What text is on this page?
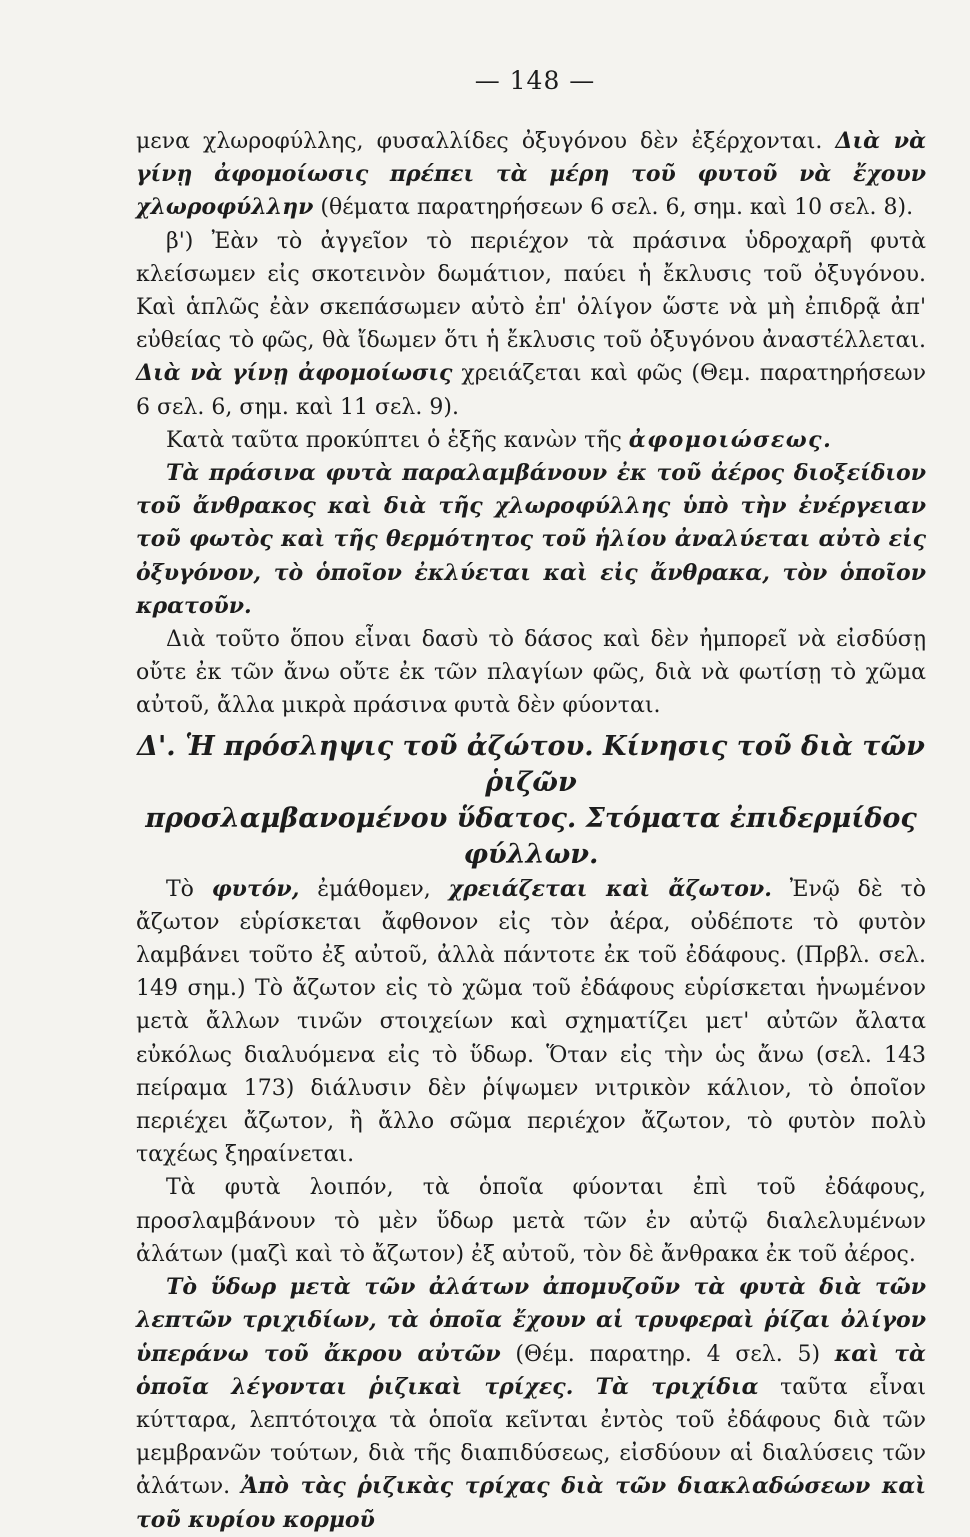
— 148 —

μενα χλωροφύλλης, φυσαλλίδες ὀξυγόνου δὲν ἐξέρχονται. Διὰ νὰ γίνῃ ἀφομοίωσις πρέπει τὰ μέρη τοῦ φυτοῦ νὰ ἔχουν χλωροφύλλην (θέματα παρατηρήσεων 6 σελ. 6, σημ. καὶ 10 σελ. 8).

β') Ἐὰν τὸ ἀγγεῖον τὸ περιέχον τὰ πράσινα ὑδροχαρῆ φυτὰ κλείσωμεν εἰς σκοτεινὸν δωμάτιον, παύει ἡ ἔκλυσις τοῦ ὀξυγόνου. Καὶ ἁπλῶς ἐὰν σκεπάσωμεν αὐτὸ ἐπ' ὀλίγον ὥστε νὰ μὴ ἐπιδρᾷ ἀπ' εὐθείας τὸ φῶς, θὰ ἴδωμεν ὅτι ἡ ἔκλυσις τοῦ ὀξυγόνου ἀναστέλλεται. Διὰ νὰ γίνῃ ἀφομοίωσις χρειάζεται καὶ φῶς (Θεμ. παρατηρήσεων 6 σελ. 6, σημ. καὶ 11 σελ. 9).

Κατὰ ταῦτα προκύπτει ὁ ἑξῆς κανὼν τῆς ἀφομοιώσεως.

Τὰ πράσινα φυτὰ παραλαμβάνουν ἐκ τοῦ ἀέρος διοξείδιον τοῦ ἄνθρακος καὶ διὰ τῆς χλωροφύλλης ὑπὸ τὴν ἐνέργειαν τοῦ φωτὸς καὶ τῆς θερμότητος τοῦ ἡλίου ἀναλύεται αὐτὸ εἰς ὀξυγόνον, τὸ ὁποῖον ἐκλύεται καὶ εἰς ἄνθρακα, τὸν ὁποῖον κρατοῦν.

Διὰ τοῦτο ὅπου εἶναι δασὺ τὸ δάσος καὶ δὲν ἠμπορεῖ νὰ εἰσδύσῃ οὔτε ἐκ τῶν ἄνω οὔτε ἐκ τῶν πλαγίων φῶς, διὰ νὰ φωτίσῃ τὸ χῶμα αὐτοῦ, ἄλλα μικρὰ πράσινα φυτὰ δὲν φύονται.

Δ'. Ἡ πρόσληψις τοῦ ἀζώτου. Κίνησις τοῦ διὰ τῶν ῥιζῶν
προσλαμβανομένου ὕδατος. Στόματα ἐπιδερμίδος
φύλλων.

Τὸ φυτόν, ἐμάθομεν, χρειάζεται καὶ ἄζωτον. Ἐνῷ δὲ τὸ ἄζωτον εὑρίσκεται ἄφθονον εἰς τὸν ἀέρα, οὐδέποτε τὸ φυτὸν λαμβάνει τοῦτο ἐξ αὐτοῦ, ἀλλὰ πάντοτε ἐκ τοῦ ἐδάφους. (Πρβλ. σελ. 149 σημ.) Τὸ ἄζωτον εἰς τὸ χῶμα τοῦ ἐδάφους εὑρίσκεται ἡνωμένον μετὰ ἄλλων τινῶν στοιχείων καὶ σχηματίζει μετ' αὐτῶν ἄλατα εὐκόλως διαλυόμενα εἰς τὸ ὕδωρ. Ὅταν εἰς τὴν ὡς ἄνω (σελ. 143 πείραμα 173) διάλυσιν δὲν ῥίψωμεν νιτρικὸν κάλιον, τὸ ὁποῖον περιέχει ἄζωτον, ἢ ἄλλο σῶμα περιέχον ἄζωτον, τὸ φυτὸν πολὺ ταχέως ξηραίνεται.

Τὰ φυτὰ λοιπόν, τὰ ὁποῖα φύονται ἐπὶ τοῦ ἐδάφους, προσλαμβάνουν τὸ μὲν ὕδωρ μετὰ τῶν ἐν αὐτῷ διαλελυμένων ἀλάτων (μαζὶ καὶ τὸ ἄζωτον) ἐξ αὐτοῦ, τὸν δὲ ἄνθρακα ἐκ τοῦ ἀέρος.

Τὸ ὕδωρ μετὰ τῶν ἀλάτων ἀπομυζοῦν τὰ φυτὰ διὰ τῶν λεπτῶν τριχιδίων, τὰ ὁποῖα ἔχουν αἱ τρυφεραὶ ῥίζαι ὀλίγον ὑπεράνω τοῦ ἄκρου αὐτῶν (Θέμ. παρατηρ. 4 σελ. 5) καὶ τὰ ὁποῖα λέγονται ῥιζικαὶ τρίχες. Τὰ τριχίδια ταῦτα εἶναι κύτταρα, λεπτότοιχα τὰ ὁποῖα κεῖνται ἐντὸς τοῦ ἐδάφους διὰ τῶν μεμβρανῶν τούτων, διὰ τῆς διαπιδύσεως, εἰσδύουν αἱ διαλύσεις τῶν ἀλάτων. Ἀπὸ τὰς ῥιζικὰς τρίχας διὰ τῶν διακλαδώσεων καὶ τοῦ κυρίου κορμοῦ
